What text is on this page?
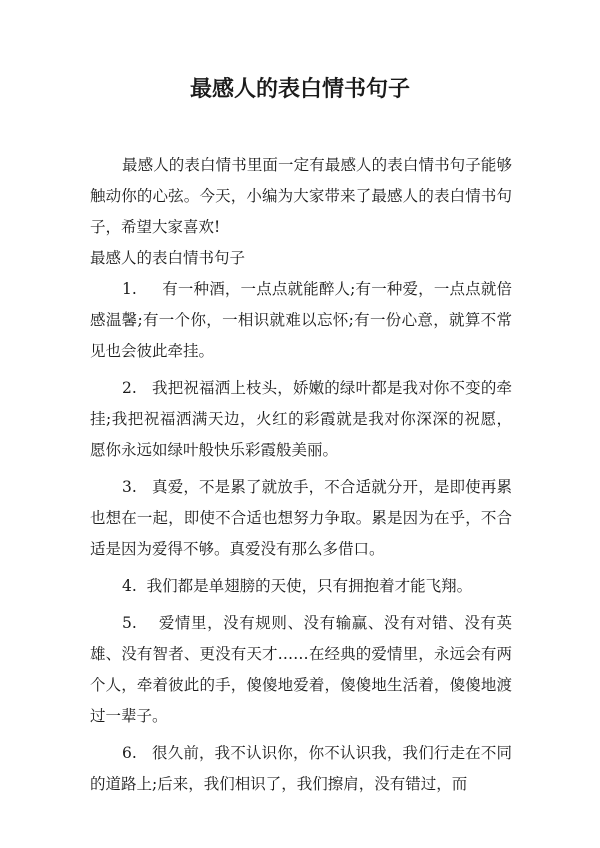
最感人的表白情书句子

最感人的表白情书里面一定有最感人的表白情书句子能够触动你的心弦。今天，小编为大家带来了最感人的表白情书句子，希望大家喜欢!

最感人的表白情书句子

1. 有一种酒，一点点就能醉人;有一种爱，一点点就倍感温馨;有一个你，一相识就难以忘怀;有一份心意，就算不常见也会彼此牵挂。

2. 我把祝福洒上枝头，娇嫩的绿叶都是我对你不变的牵挂;我把祝福洒满天边，火红的彩霞就是我对你深深的祝愿，愿你永远如绿叶般快乐彩霞般美丽。

3. 真爱，不是累了就放手，不合适就分开，是即使再累也想在一起，即使不合适也想努力争取。累是因为在乎，不合适是因为爱得不够。真爱没有那么多借口。

4. 我们都是单翅膀的天使，只有拥抱着才能飞翔。

5. 爱情里，没有规则、没有输赢、没有对错、没有英雄、没有智者、更没有天才……在经典的爱情里，永远会有两个人，牵着彼此的手，傻傻地爱着，傻傻地生活着，傻傻地渡过一辈子。

6. 很久前，我不认识你，你不认识我，我们行走在不同的道路上;后来，我们相识了，我们擦肩，没有错过，而
